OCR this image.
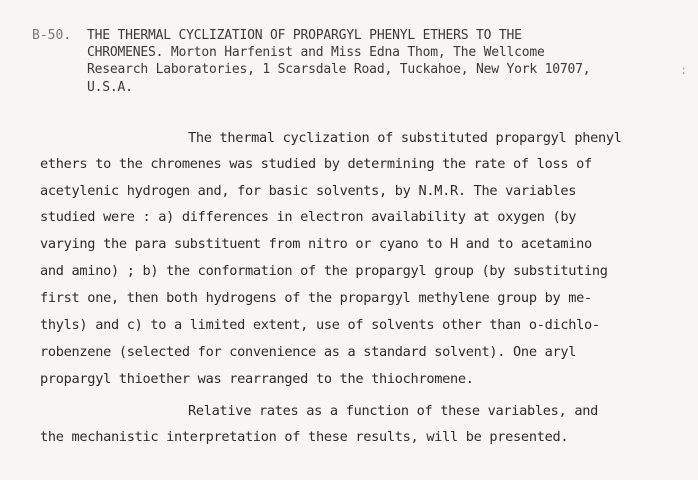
B-50. THE THERMAL CYCLIZATION OF PROPARGYL PHENYL ETHERS TO THE
CHROMENES. Morton Harfenist and Miss Edna Thom, The Wellcome
Research Laboratories, 1 Scarsdale Road, Tuckahoe, New York 10707,
U.S.A.
:
The thermal cyclization of substituted propargyl phenyl
ethers to the chromenes was studied by determining the rate of loss of
acetylenic hydrogen and, for basic solvents, by N.M.R. The variables
studied were : a) differences in electron availability at oxygen (by
varying the para substituent from nitro or cyano to H and to acetamino
and amino) ; b) the conformation of the propargyl group (by substituting
first one, then both hydrogens of the propargyl methylene group by me-
thyls) and c) to a limited extent, use of solvents other than o-dichlo-
robenzene (selected for convenience as a standard solvent). One aryl
propargyl thioether was rearranged to the thiochromene.
Relative rates as a function of these variables, and
the mechanistic interpretation of these results, will be presented.
